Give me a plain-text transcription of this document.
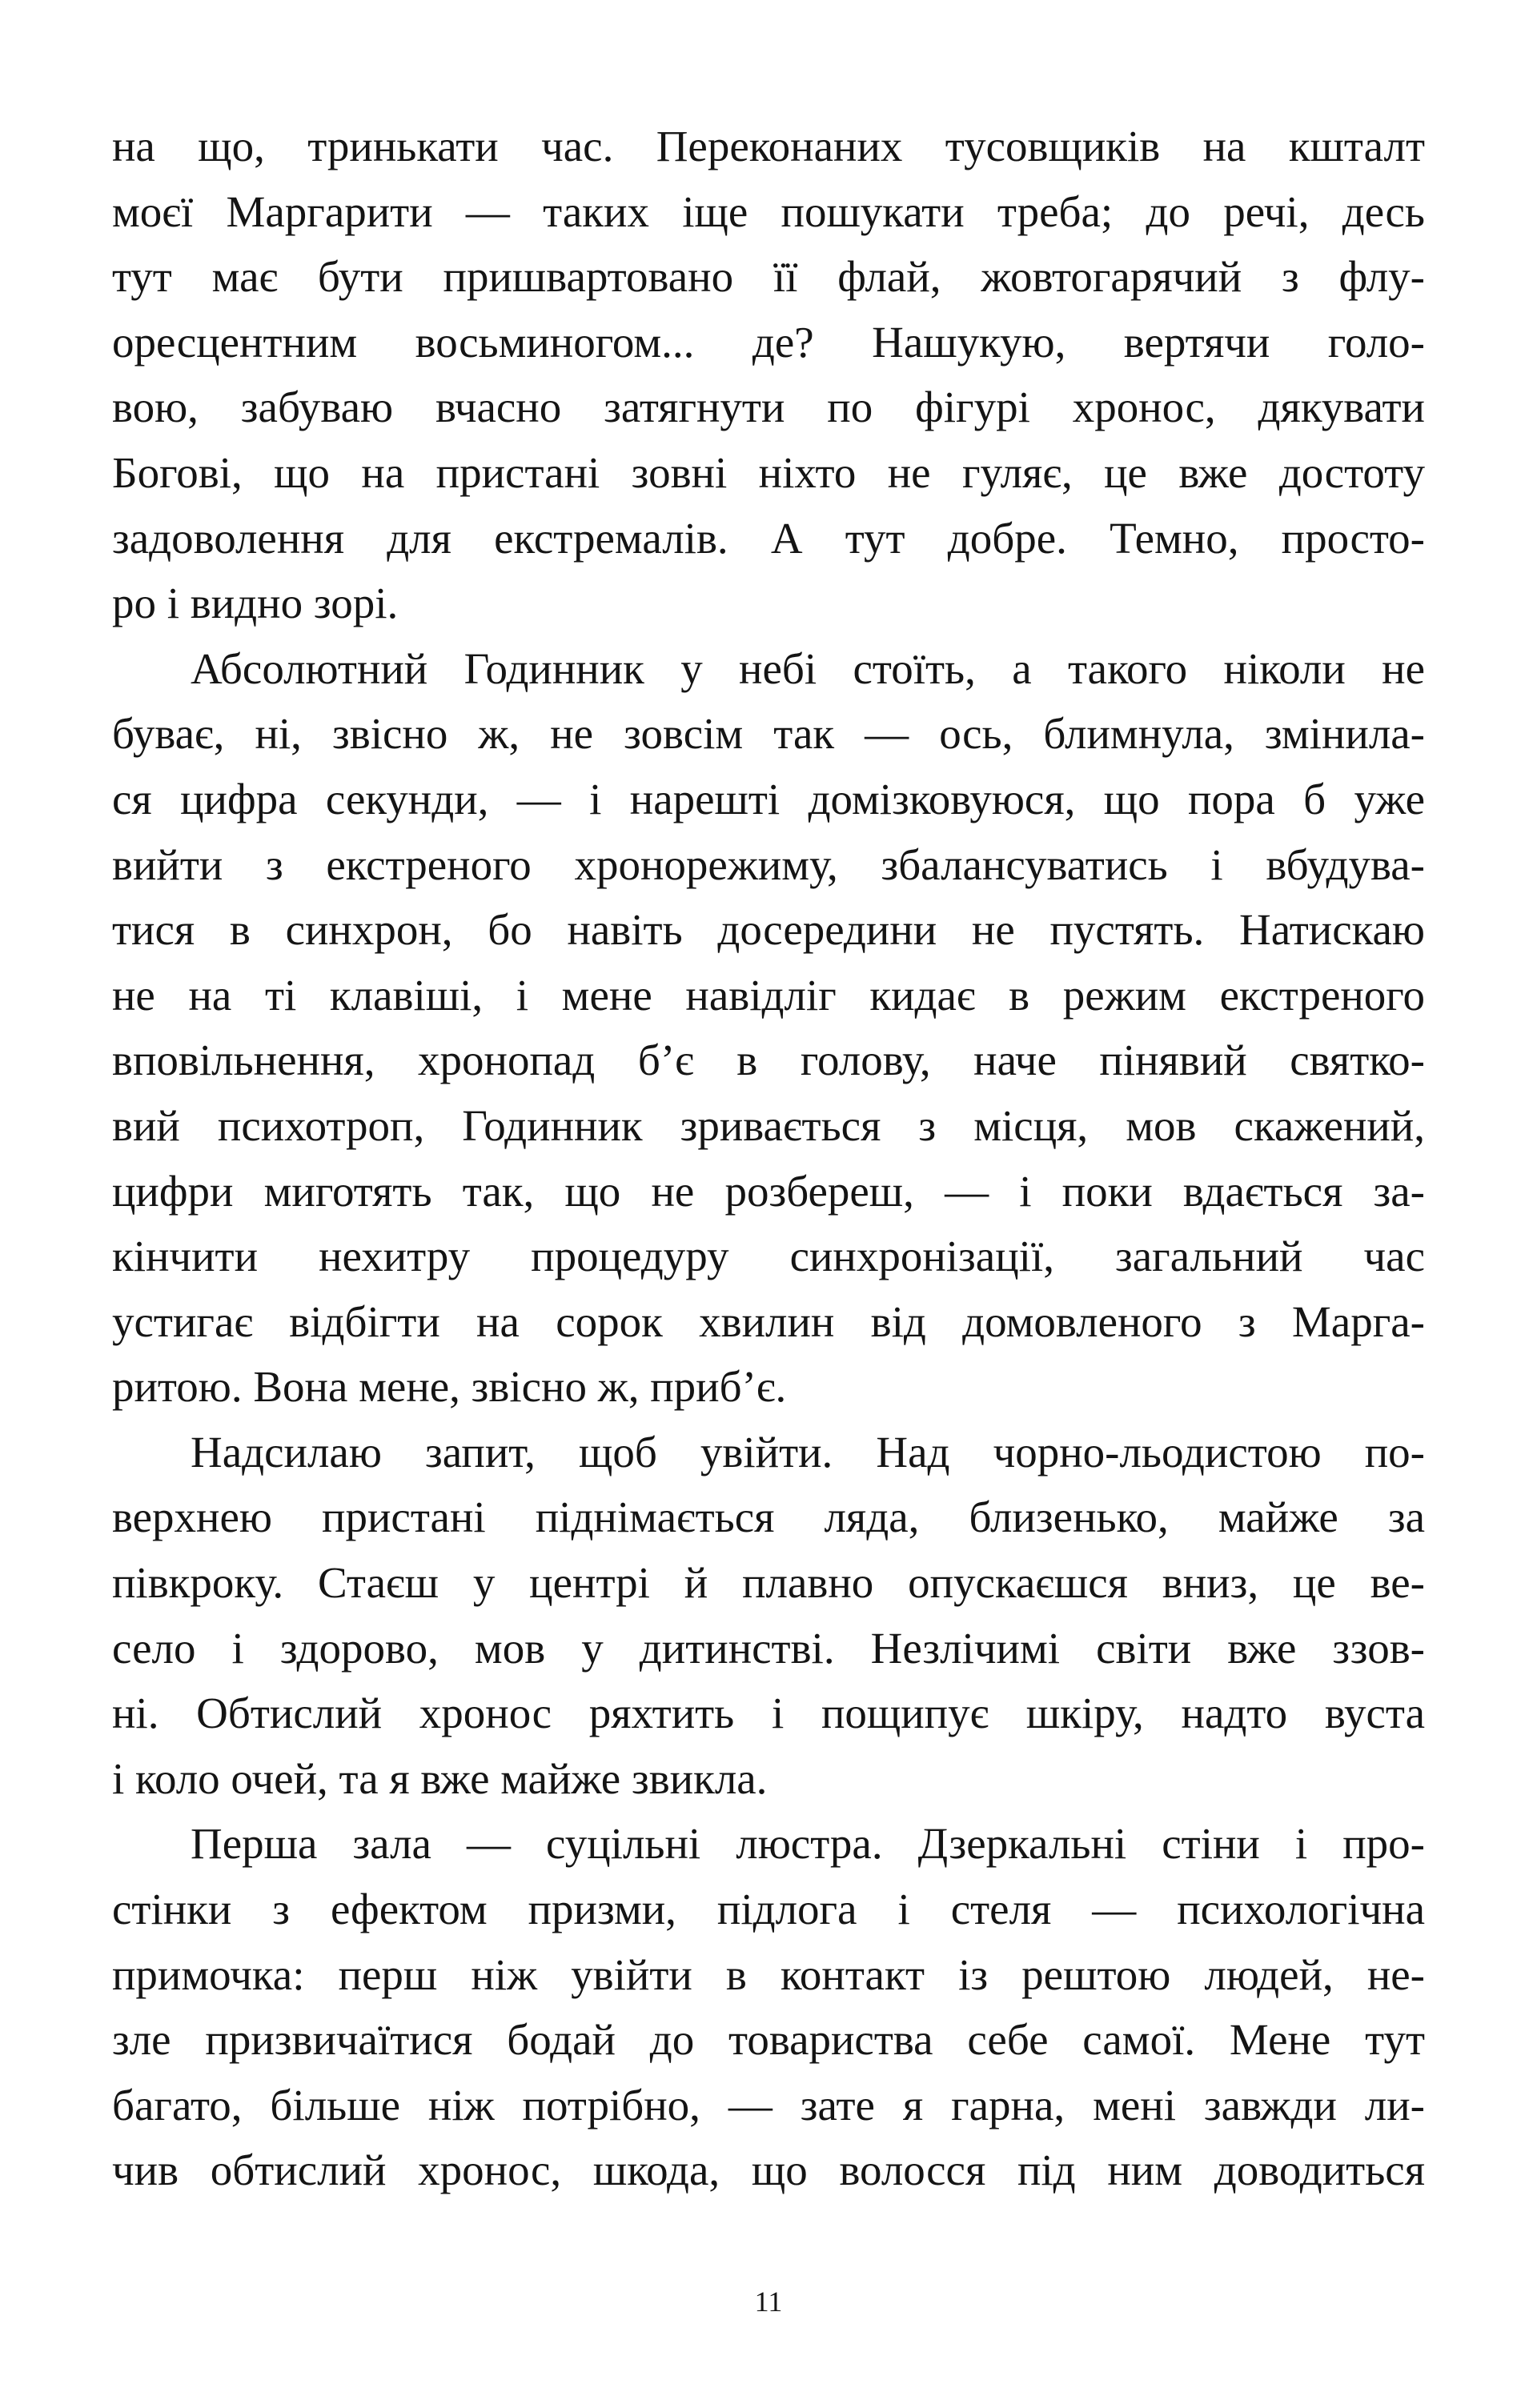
на що, тринькати час. Переконаних тусовщиків на кшталт
моєї Маргарити — таких іще пошукати треба; до речі, десь
тут має бути пришвартовано її флай, жовтогарячий з флу-
оресцентним восьминогом... де? Нашукую, вертячи голо-
вою, забуваю вчасно затягнути по фігурі хронос, дякувати
Богові, що на пристані зовні ніхто не гуляє, це вже достоту
задоволення для екстремалів. А тут добре. Темно, просто-
ро і видно зорі.
Абсолютний Годинник у небі стоїть, а такого ніколи не
буває, ні, звісно ж, не зовсім так — ось, блимнула, змінила-
ся цифра секунди, — і нарешті домізковуюся, що пора б уже
вийти з екстреного хронорежиму, збалансуватись і вбудува-
тися в синхрон, бо навіть досередини не пустять. Натискаю
не на ті клавіші, і мене навідліг кидає в режим екстреного
вповільнення, хронопад б’є в голову, наче пінявий святко-
вий психотроп, Годинник зривається з місця, мов скажений,
цифри миготять так, що не розбереш, — і поки вдається за-
кінчити нехитру процедуру синхронізації, загальний час
устигає відбігти на сорок хвилин від домовленого з Марга-
ритою. Вона мене, звісно ж, приб’є.
Надсилаю запит, щоб увійти. Над чорно-льодистою по-
верхнею пристані піднімається ляда, близенько, майже за
півкроку. Стаєш у центрі й плавно опускаєшся вниз, це ве-
село і здорово, мов у дитинстві. Незлічимі світи вже ззов-
ні. Обтислий хронос ряхтить і пощипує шкіру, надто вуста
і коло очей, та я вже майже звикла.
Перша зала — суцільні люстра. Дзеркальні стіни і про-
стінки з ефектом призми, підлога і стеля — психологічна
примочка: перш ніж увійти в контакт із рештою людей, не-
зле призвичаїтися бодай до товариства себе самої. Мене тут
багато, більше ніж потрібно, — зате я гарна, мені завжди ли-
чив обтислий хронос, шкода, що волосся під ним доводиться
11
